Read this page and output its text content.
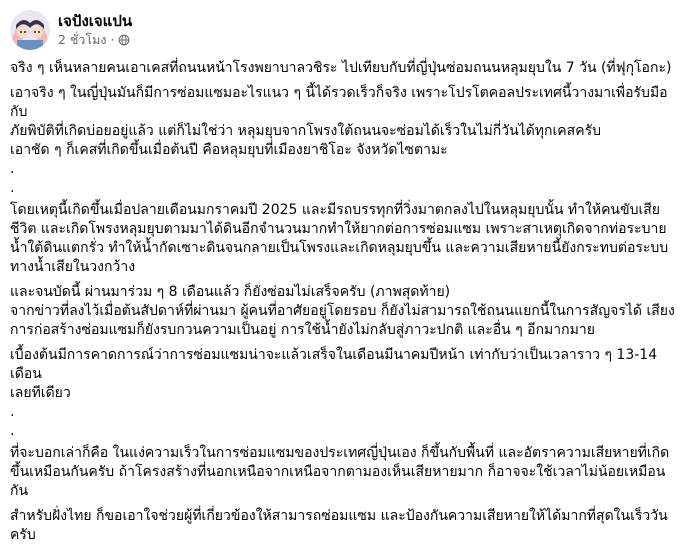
เจปังเจแปน
2 ชั่วโมง ·

จริง ๆ เห็นหลายคนเอาเคสที่ถนนหน้าโรงพยาบาลวชิระ ไปเทียบกับที่ญี่ปุ่นซ่อมถนนหลุมยุบใน 7 วัน (ที่ฟุกุโอกะ)

เอาจริง ๆ ในญี่ปุ่นมันก็มีการซ่อมแซมอะไรแนว ๆ นี้ได้รวดเร็วก็จริง เพราะโปรโตคอลประเทศนี้วางมาเพื่อรับมือกับ
ภัยพิบัติที่เกิดบ่อยอยู่แล้ว แต่ก็ไม่ใช่ว่า หลุมยุบจากโพรงใต้ถนนจะซ่อมได้เร็วในไม่กี่วันได้ทุกเคสครับ
เอาชัด ๆ ก็เคสที่เกิดขึ้นเมื่อต้นปี คือหลุมยุบที่เมืองยาชิโอะ จังหวัดไซตามะ

.

.

โดยเหตุนี้เกิดขึ้นเมื่อปลายเดือนมกราคมปี 2025 และมีรถบรรทุกที่วิ่งมาตกลงไปในหลุมยุบนั้น ทำให้คนขับเสีย
ชีวิต และเกิดโพรงหลุมยุบตามมาได้ดินอีกจำนวนมากทำให้ยากต่อการซ่อมแซม เพราะสาเหตุเกิดจากท่อระบาย
น้ำใต้ดินแตกรั่ว ทำให้น้ำกัดเซาะดินจนกลายเป็นโพรงและเกิดหลุมยุบขึ้น และความเสียหายนี้ยังกระทบต่อระบบ
ทางน้ำเสียในวงกว้าง

และจนบัดนี้ ผ่านมาร่วม ๆ 8 เดือนแล้ว ก็ยังซ่อมไม่เสร็จครับ (ภาพสุดท้าย)
จากข่าวที่ลงไว้เมื่อต้นสัปดาห์ที่ผ่านมา ผู้คนที่อาศัยอยู่โดยรอบ ก็ยังไม่สามารถใช้ถนนแยกนี้ในการสัญจรได้ เสียง
การก่อสร้างซ่อมแซมก็ยังรบกวนความเป็นอยู่ การใช้น้ำยังไม่กลับสู่ภาวะปกติ และอื่น ๆ อีกมากมาย

เบื้องต้นมีการคาดการณ์ว่าการซ่อมแซมน่าจะแล้วเสร็จในเดือนมีนาคมปีหน้า เท่ากับว่าเป็นเวลาราว ๆ 13-14 เดือน
เลยทีเดียว

.

.

ที่จะบอกเล่าก็คือ ในแง่ความเร็วในการซ่อมแซมของประเทศญี่ปุ่นเอง ก็ขึ้นกับพื้นที่ และอัตราความเสียหายที่เกิด
ขึ้นเหมือนกันครับ ถ้าโครงสร้างที่นอกเหนือจากเหนือจากตามองเห็นเสียหายมาก ก็อาจจะใช้เวลาไม่น้อยเหมือนกัน

สำหรับฝั่งไทย ก็ขอเอาใจช่วยผู้ที่เกี่ยวข้องให้สามารถซ่อมแซม และป้องกันความเสียหายให้ได้มากที่สุดในเร็ววัน
ครับ
